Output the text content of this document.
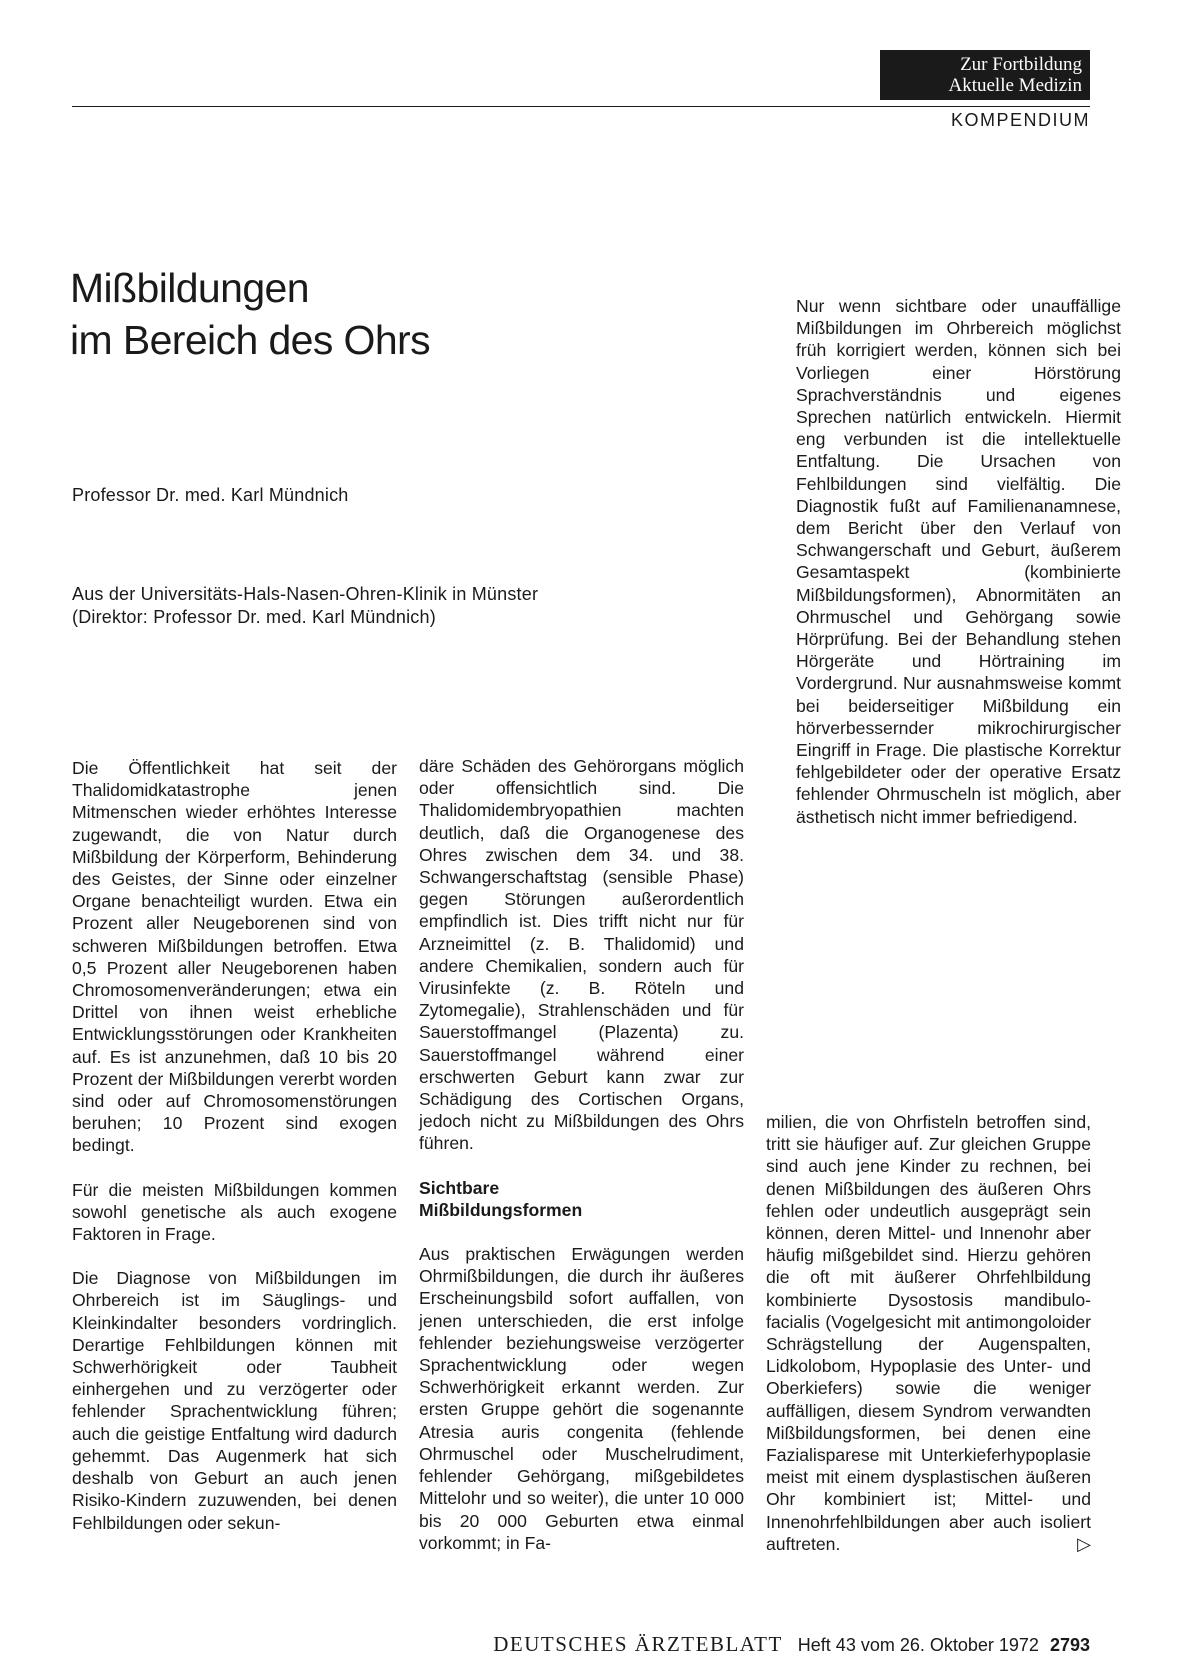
Zur Fortbildung
Aktuelle Medizin
KOMPENDIUM
Mißbildungen
im Bereich des Ohrs
Professor Dr. med. Karl Mündnich
Aus der Universitäts-Hals-Nasen-Ohren-Klinik in Münster
(Direktor: Professor Dr. med. Karl Mündnich)

Die Öffentlichkeit hat seit der Thalidomidkatastrophe jenen Mitmenschen wieder erhöhtes Interesse zugewandt, die von Natur durch Mißbildung der Körperform, Behinderung des Geistes, der Sinne oder einzelner Organe benachteiligt wurden. Etwa ein Prozent aller Neugeborenen sind von schweren Mißbildungen betroffen. Etwa 0,5 Prozent aller Neugeborenen haben Chromosomenveränderungen; etwa ein Drittel von ihnen weist erhebliche Entwicklungsstörungen oder Krankheiten auf. Es ist anzunehmen, daß 10 bis 20 Prozent der Mißbildungen vererbt worden sind oder auf Chromosomenstörungen beruhen; 10 Prozent sind exogen bedingt.

Für die meisten Mißbildungen kommen sowohl genetische als auch exogene Faktoren in Frage.

Die Diagnose von Mißbildungen im Ohrbereich ist im Säuglings- und Kleinkindalter besonders vordringlich. Derartige Fehlbildungen können mit Schwerhörigkeit oder Taubheit einhergehen und zu verzögerter oder fehlender Sprachentwicklung führen; auch die geistige Entfaltung wird dadurch gehemmt. Das Augenmerk hat sich deshalb von Geburt an auch jenen Risiko-Kindern zuzuwenden, bei denen Fehlbildungen oder sekun-

däre Schäden des Gehörorgans möglich oder offensichtlich sind. Die Thalidomidembryopathien machten deutlich, daß die Organogenese des Ohres zwischen dem 34. und 38. Schwangerschaftstag (sensible Phase) gegen Störungen außerordentlich empfindlich ist. Dies trifft nicht nur für Arzneimittel (z. B. Thalidomid) und andere Chemikalien, sondern auch für Virusinfekte (z. B. Röteln und Zytomegalie), Strahlenschäden und für Sauerstoffmangel (Plazenta) zu. Sauerstoffmangel während einer erschwerten Geburt kann zwar zur Schädigung des Cortischen Organs, jedoch nicht zu Mißbildungen des Ohrs führen.

Sichtbare
Mißbildungsformen

Aus praktischen Erwägungen werden Ohrmißbildungen, die durch ihr äußeres Erscheinungsbild sofort auffallen, von jenen unterschieden, die erst infolge fehlender beziehungsweise verzögerter Sprachentwicklung oder wegen Schwerhörigkeit erkannt werden. Zur ersten Gruppe gehört die sogenannte Atresia auris congenita (fehlende Ohrmuschel oder Muschelrudiment, fehlender Gehörgang, mißgebildetes Mittelohr und so weiter), die unter 10 000 bis 20 000 Geburten etwa einmal vorkommt; in Fa-

Nur wenn sichtbare oder unauffällige Mißbildungen im Ohrbereich möglichst früh korrigiert werden, können sich bei Vorliegen einer Hörstörung Sprachverständnis und eigenes Sprechen natürlich entwickeln. Hiermit eng verbunden ist die intellektuelle Entfaltung. Die Ursachen von Fehlbildungen sind vielfältig. Die Diagnostik fußt auf Familienanamnese, dem Bericht über den Verlauf von Schwangerschaft und Geburt, äußerem Gesamtaspekt (kombinierte Mißbildungsformen), Abnormitäten an Ohrmuschel und Gehörgang sowie Hörprüfung. Bei der Behandlung stehen Hörgeräte und Hörtraining im Vordergrund. Nur ausnahmsweise kommt bei beiderseitiger Mißbildung ein hörverbessernder mikrochirurgischer Eingriff in Frage. Die plastische Korrektur fehlgebildeter oder der operative Ersatz fehlender Ohrmuscheln ist möglich, aber ästhetisch nicht immer befriedigend.

milien, die von Ohrfisteln betroffen sind, tritt sie häufiger auf. Zur gleichen Gruppe sind auch jene Kinder zu rechnen, bei denen Mißbildungen des äußeren Ohrs fehlen oder undeutlich ausgeprägt sein können, deren Mittel- und Innenohr aber häufig mißgebildet sind. Hierzu gehören die oft mit äußerer Ohrfehlbildung kombinierte Dysostosis mandibulo-facialis (Vogelgesicht mit antimongoloider Schrägstellung der Augenspalten, Lidkolobom, Hypoplasie des Unter- und Oberkiefers) sowie die weniger auffälligen, diesem Syndrom verwandten Mißbildungsformen, bei denen eine Fazialisparese mit Unterkieferhypoplasie meist mit einem dysplastischen äußeren Ohr kombiniert ist; Mittel- und Innenohrfehlbildungen aber auch isoliert auftreten.	▷

DEUTSCHES ÄRZTEBLATT Heft 43 vom 26. Oktober 1972 2793
